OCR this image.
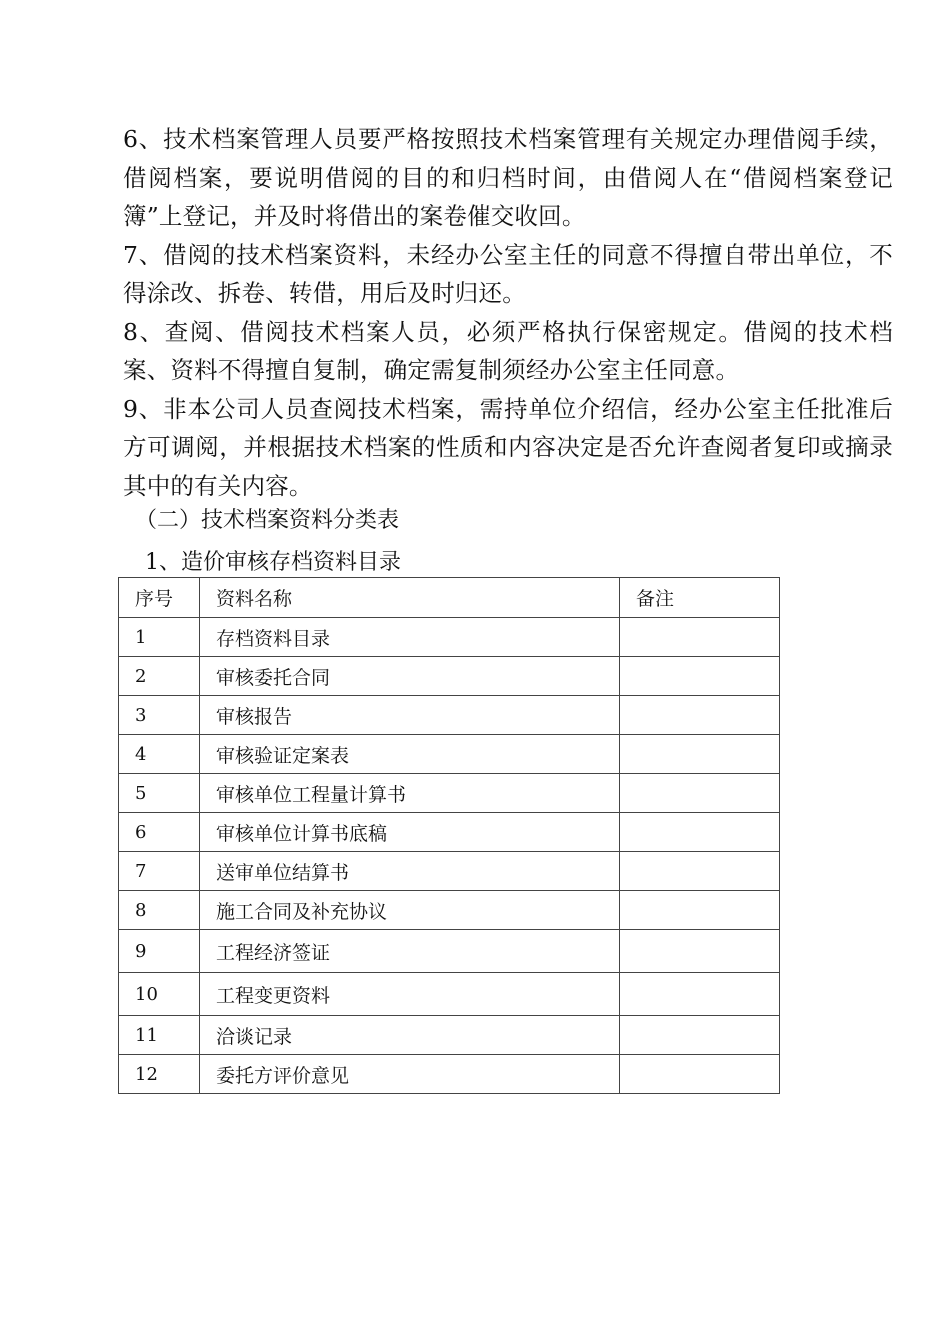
6、技术档案管理人员要严格按照技术档案管理有关规定办理借阅手续，借阅档案，要说明借阅的目的和归档时间，由借阅人在“借阅档案登记簿”上登记，并及时将借出的案卷催交收回。

7、借阅的技术档案资料，未经办公室主任的同意不得擅自带出单位，不得涂改、拆卷、转借，用后及时归还。

8、查阅、借阅技术档案人员，必须严格执行保密规定。借阅的技术档案、资料不得擅自复制，确定需复制须经办公室主任同意。

9、非本公司人员查阅技术档案，需持单位介绍信，经办公室主任批准后方可调阅，并根据技术档案的性质和内容决定是否允许查阅者复印或摘录其中的有关内容。

（二）技术档案资料分类表
1、造价审核存档资料目录
序号	资料名称	备注
1	存档资料目录	
2	审核委托合同	
3	审核报告	
4	审核验证定案表	
5	审核单位工程量计算书	
6	审核单位计算书底稿	
7	送审单位结算书	
8	施工合同及补充协议	
9	工程经济签证	
10	工程变更资料	
11	洽谈记录	
12	委托方评价意见	
